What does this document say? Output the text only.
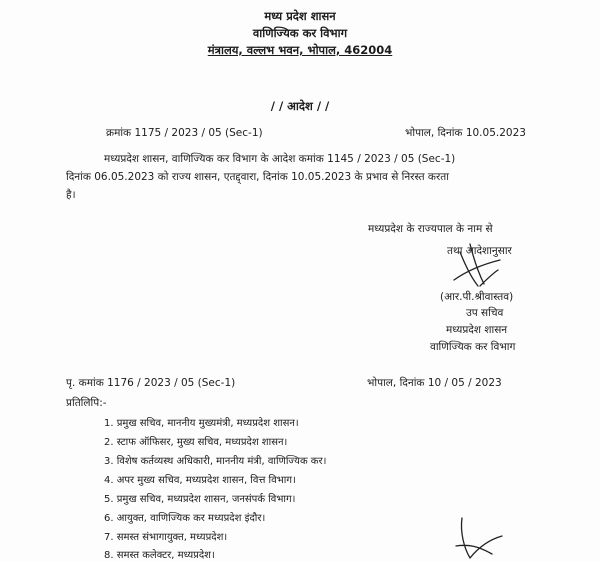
मध्य प्रदेश शासन
वाणिज्यिक कर विभाग
मंत्रालय, वल्लभ भवन, भोपाल, 462004
/ / आदेश / /
क्रमांक 1175 / 2023 / 05 (Sec-1)	भोपाल, दिनांक 10.05.2023
मध्यप्रदेश शासन, वाणिज्यिक कर विभाग के आदेश कमांक 1145 / 2023 / 05 (Sec-1)
दिनांक 06.05.2023 को राज्य शासन, एतद्द्वारा, दिनांक 10.05.2023 के प्रभाव से निरस्त करता
है।
मध्यप्रदेश के राज्यपाल के नाम से
तथा आदेशानुसार
(आर.पी.श्रीवास्तव)
उप सचिव
मध्यप्रदेश शासन
वाणिज्यिक कर विभाग
पृ. कमांक 1176 / 2023 / 05 (Sec-1)	भोपाल, दिनांक 10 / 05 / 2023
प्रतिलिपि:-
1. प्रमुख सचिव, माननीय मुख्यमंत्री, मध्यप्रदेश शासन।
2. स्टाफ ऑफिसर, मुख्य सचिव, मध्यप्रदेश शासन।
3. विशेष कर्तव्यस्थ अधिकारी, माननीय मंत्री, वाणिज्यिक कर।
4. अपर मुख्य सचिव, मध्यप्रदेश शासन, वित्त विभाग।
5. प्रमुख सचिव, मध्यप्रदेश शासन, जनसंपर्क विभाग।
6. आयुक्त, वाणिज्यिक कर मध्यप्रदेश इंदौर।
7. समस्त संभागायुक्त, मध्यप्रदेश।
8. समस्त कलेक्टर, मध्यप्रदेश।
